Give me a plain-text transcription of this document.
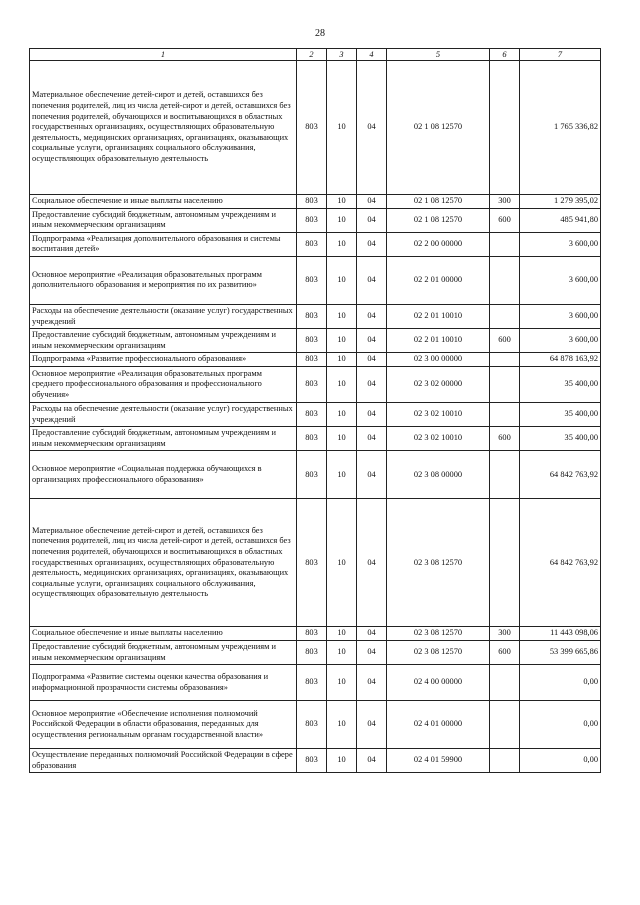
28
1	2	3	4	5	6	7
Материальное обеспечение детей-сирот и детей, оставшихся без попечения родителей, лиц из числа детей-сирот и детей, оставшихся без попечения родителей, обучающихся и воспитывающихся в областных государственных организациях, осуществляющих образовательную деятельность, медицинских организациях, организациях, оказывающих социальные услуги, организациях социального обслуживания, осуществляющих образовательную деятельность	803	10	04	02 1 08 12570		1 765 336,82
Социальное обеспечение и иные выплаты населению	803	10	04	02 1 08 12570	300	1 279 395,02
Предоставление субсидий бюджетным, автономным учреждениям и иным некоммерческим организациям	803	10	04	02 1 08 12570	600	485 941,80
Подпрограмма «Реализация дополнительного образования и системы воспитания детей»	803	10	04	02 2 00 00000		3 600,00
Основное мероприятие «Реализация образовательных программ дополнительного образования и мероприятия по их развитию»	803	10	04	02 2 01 00000		3 600,00
Расходы на обеспечение деятельности (оказание услуг) государственных учреждений	803	10	04	02 2 01 10010		3 600,00
Предоставление субсидий бюджетным, автономным учреждениям и иным некоммерческим организациям	803	10	04	02 2 01 10010	600	3 600,00
Подпрограмма «Развитие профессионального образования»	803	10	04	02 3 00 00000		64 878 163,92
Основное мероприятие «Реализация образовательных программ среднего профессионального образования и профессионального обучения»	803	10	04	02 3 02 00000		35 400,00
Расходы на обеспечение деятельности (оказание услуг) государственных учреждений	803	10	04	02 3 02 10010		35 400,00
Предоставление субсидий бюджетным, автономным учреждениям и иным некоммерческим организациям	803	10	04	02 3 02 10010	600	35 400,00
Основное мероприятие «Социальная поддержка обучающихся в организациях профессионального образования»	803	10	04	02 3 08 00000		64 842 763,92
Материальное обеспечение детей-сирот и детей, оставшихся без попечения родителей, лиц из числа детей-сирот и детей, оставшихся без попечения родителей, обучающихся и воспитывающихся в областных государственных организациях, осуществляющих образовательную деятельность, медицинских организациях, организациях, оказывающих социальные услуги, организациях социального обслуживания, осуществляющих образовательную деятельность	803	10	04	02 3 08 12570		64 842 763,92
Социальное обеспечение и иные выплаты населению	803	10	04	02 3 08 12570	300	11 443 098,06
Предоставление субсидий бюджетным, автономным учреждениям и иным некоммерческим организациям	803	10	04	02 3 08 12570	600	53 399 665,86
Подпрограмма «Развитие системы оценки качества образования и информационной прозрачности системы образования»	803	10	04	02 4 00 00000		0,00
Основное мероприятие «Обеспечение исполнения полномочий Российской Федерации в области образования, переданных для осуществления региональным органам государственной власти»	803	10	04	02 4 01 00000		0,00
Осуществление переданных полномочий Российской Федерации в сфере образования	803	10	04	02 4 01 59900		0,00
